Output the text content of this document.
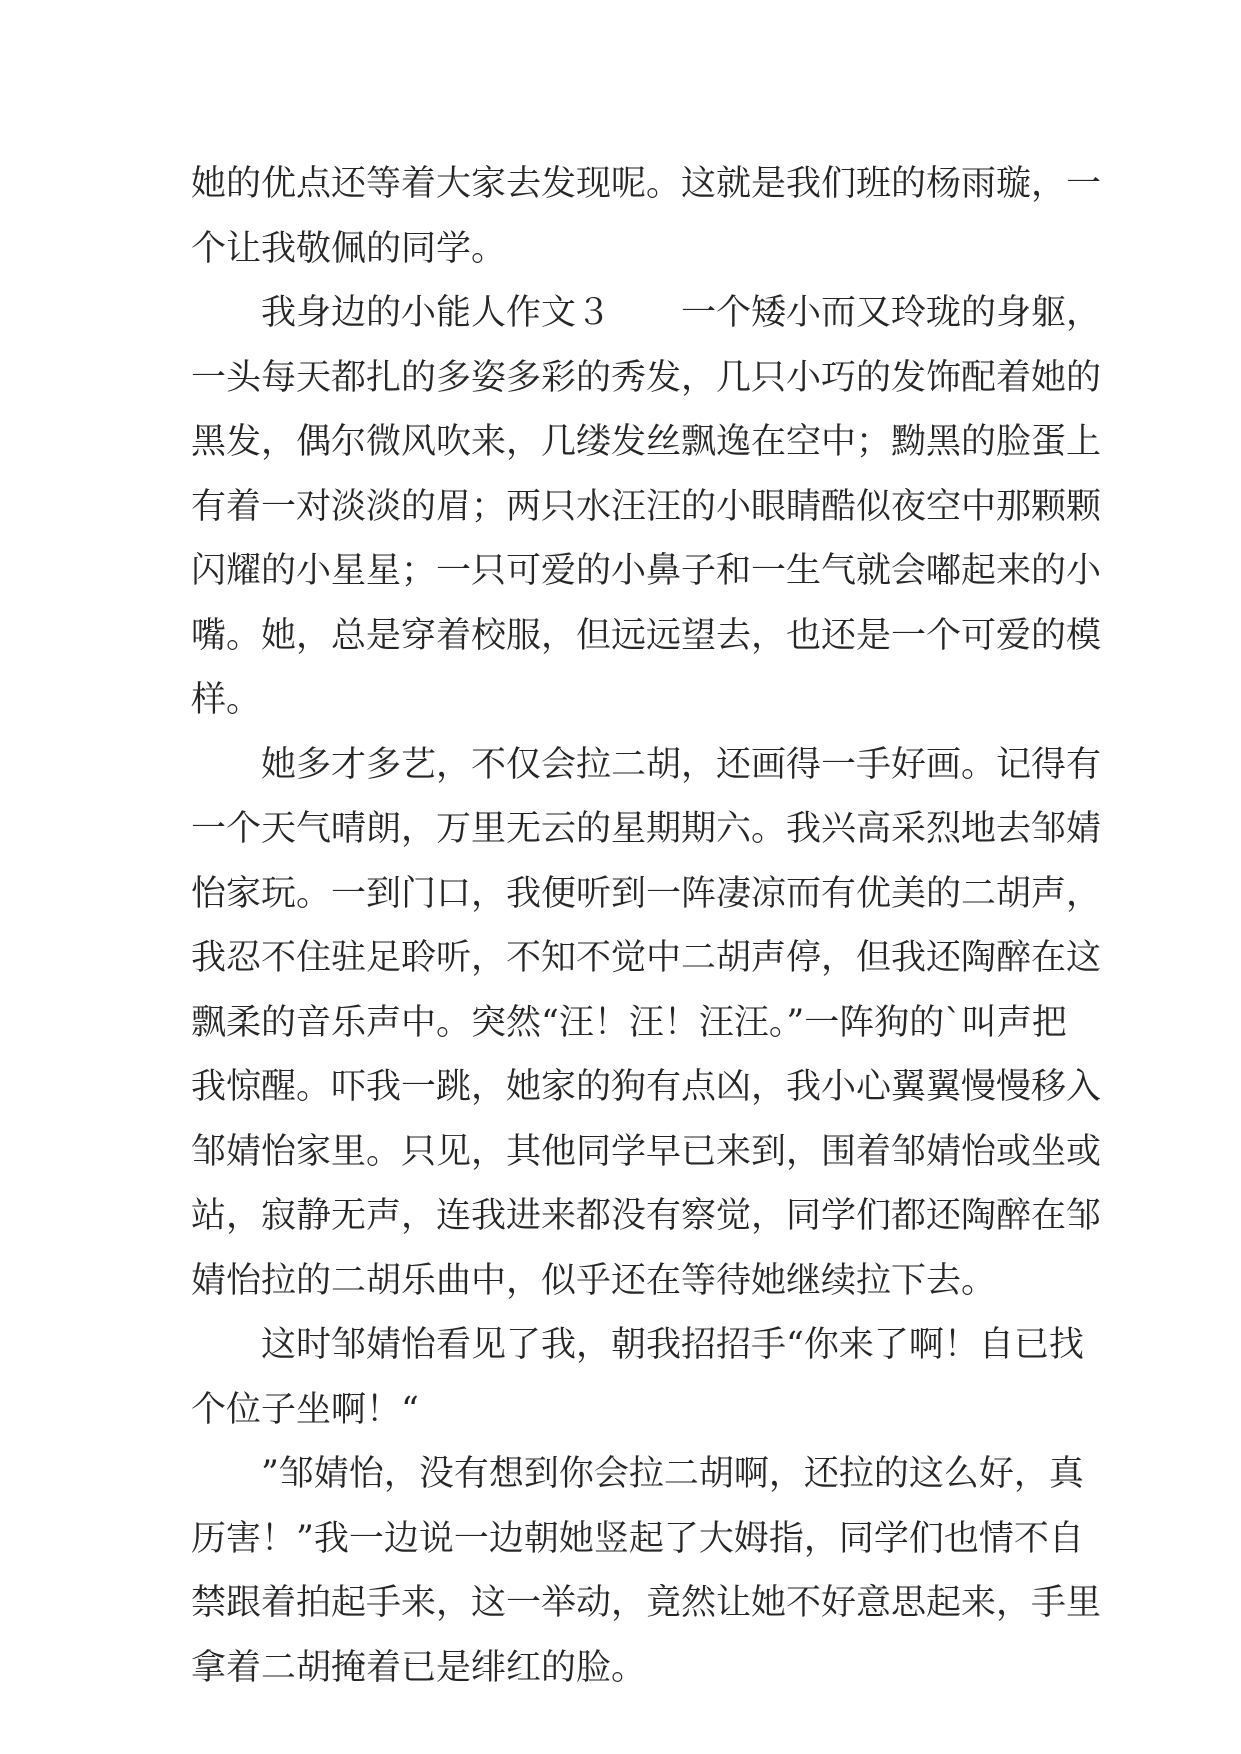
她的优点还等着大家去发现呢。这就是我们班的杨雨璇，一
个让我敬佩的同学。
我身边的小能人作文３　　一个矮小而又玲珑的身躯，
一头每天都扎的多姿多彩的秀发，几只小巧的发饰配着她的
黑发，偶尔微风吹来，几缕发丝飘逸在空中；黝黑的脸蛋上
有着一对淡淡的眉；两只水汪汪的小眼睛酷似夜空中那颗颗
闪耀的小星星；一只可爱的小鼻子和一生气就会嘟起来的小
嘴。她，总是穿着校服，但远远望去，也还是一个可爱的模
样。
她多才多艺，不仅会拉二胡，还画得一手好画。记得有
一个天气晴朗，万里无云的星期期六。我兴高采烈地去邹婧
怡家玩。一到门口，我便听到一阵凄凉而有优美的二胡声，
我忍不住驻足聆听，不知不觉中二胡声停，但我还陶醉在这
飘柔的音乐声中。突然“汪！汪！汪汪。”一阵狗的`叫声把
我惊醒。吓我一跳，她家的狗有点凶，我小心翼翼慢慢移入
邹婧怡家里。只见，其他同学早已来到，围着邹婧怡或坐或
站，寂静无声，连我进来都没有察觉，同学们都还陶醉在邹
婧怡拉的二胡乐曲中，似乎还在等待她继续拉下去。
这时邹婧怡看见了我，朝我招招手“你来了啊！自已找
个位子坐啊！“
”邹婧怡，没有想到你会拉二胡啊，还拉的这么好，真
历害！”我一边说一边朝她竖起了大姆指，同学们也情不自
禁跟着拍起手来，这一举动，竟然让她不好意思起来，手里
拿着二胡掩着已是绯红的脸。
